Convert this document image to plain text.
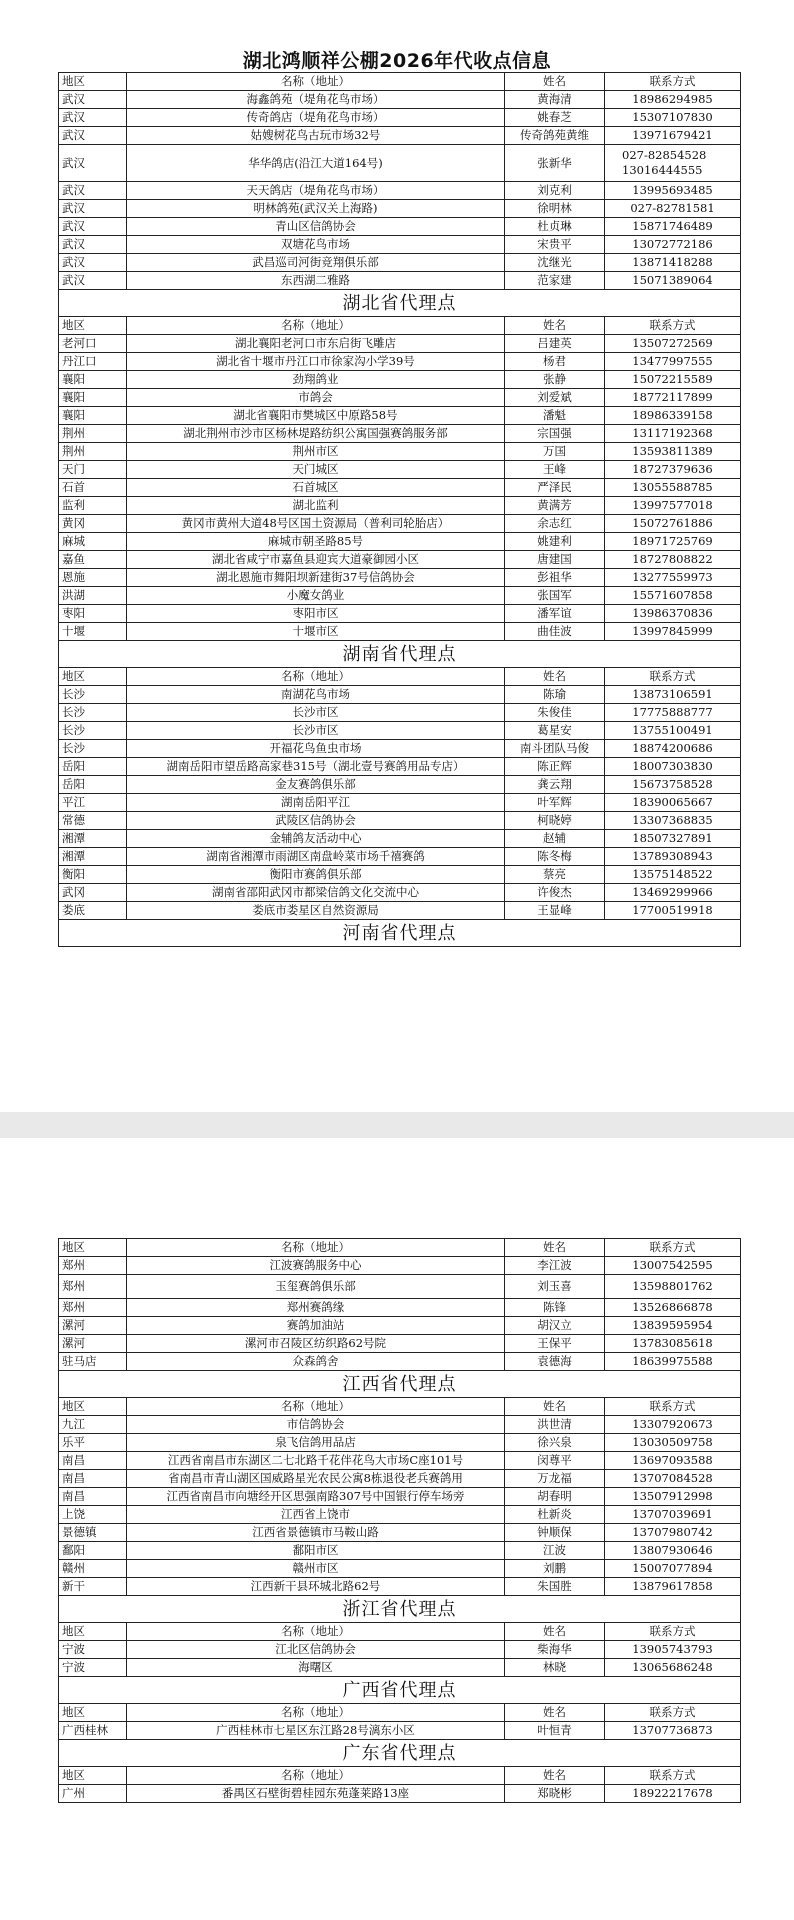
湖北鸿顺祥公棚2026年代收点信息
地区	名称（地址）	姓名	联系方式
武汉	海鑫鸽苑（堤角花鸟市场）	黄海清	18986294985
武汉	传奇鸽店（堤角花鸟市场）	姚春芝	15307107830
武汉	姑嫂树花鸟古玩市场32号	传奇鸽苑黄维	13971679421
武汉	华华鸽店(沿江大道164号)	张新华	027-82854528
13016444555

武汉	天天鸽店（堤角花鸟市场）	刘克利	13995693485
武汉	明林鸽苑(武汉关上海路)	徐明林	027-82781581
武汉	青山区信鸽协会	杜贞琳	15871746489
武汉	双塘花鸟市场	宋贵平	13072772186
武汉	武昌巡司河街竞翔俱乐部	沈继光	13871418288
武汉	东西湖二雅路	范家建	15071389064
湖北省代理点			
地区	名称（地址）	姓名	联系方式
老河口	湖北襄阳老河口市东启街飞雕店	吕建英	13507272569
丹江口	湖北省十堰市丹江口市徐家沟小学39号	杨君	13477997555
襄阳	劲翔鸽业	张静	15072215589
襄阳	市鸽会	刘爱斌	18772117899
襄阳	湖北省襄阳市樊城区中原路58号	潘魁	18986339158
荆州	湖北荆州市沙市区杨林堤路纺织公寓国强赛鸽服务部	宗国强	13117192368
荆州	荆州市区	万国	13593811389
天门	天门城区	王峰	18727379636
石首	石首城区	严泽民	13055588785
监利	湖北监利	黄满芳	13997577018
黄冈	黄冈市黄州大道48号区国土资源局（普利司轮胎店）	余志红	15072761886
麻城	麻城市朝圣路85号	姚建利	18971725769
嘉鱼	湖北省咸宁市嘉鱼县迎宾大道豪御园小区	唐建国	18727808822
恩施	湖北恩施市舞阳坝新建街37号信鸽协会	彭祖华	13277559973
洪湖	小魔女鸽业	张国军	15571607858
枣阳	枣阳市区	潘军谊	13986370836
十堰	十堰市区	曲佳波	13997845999
湖南省代理点			
地区	名称（地址）	姓名	联系方式
长沙	南湖花鸟市场	陈瑜	13873106591
长沙	长沙市区	朱俊佳	17775888777
长沙	长沙市区	葛星安	13755100491
长沙	开福花鸟鱼虫市场	南斗团队马俊	18874200686
岳阳	湖南岳阳市望岳路高家巷315号（湖北壹号赛鸽用品专店）	陈正辉	18007303830
岳阳	金友赛鸽俱乐部	龚云翔	15673758528
平江	湖南岳阳平江	叶军辉	18390065667
常德	武陵区信鸽协会	柯晓婷	13307368835
湘潭	金辅鸽友活动中心	赵辅	18507327891
湘潭	湖南省湘潭市雨湖区南盘岭菜市场千禧赛鸽	陈冬梅	13789308943
衡阳	衡阳市赛鸽俱乐部	蔡亮	13575148522
武冈	湖南省邵阳武冈市都梁信鸽文化交流中心	许俊杰	13469299966
娄底	娄底市娄星区自然资源局	王显峰	17700519918
河南省代理点			
地区	名称（地址）	姓名	联系方式
郑州	江波赛鸽服务中心	李江波	13007542595
郑州	玉玺赛鸽俱乐部	刘玉喜	13598801762
郑州	郑州赛鸽缘	陈锋	13526866878
漯河	赛鸽加油站	胡汉立	13839595954
漯河	漯河市召陵区纺织路62号院	王保平	13783085618
驻马店	众森鸽舍	袁德海	18639975588
江西省代理点			
地区	名称（地址）	姓名	联系方式
九江	市信鸽协会	洪世清	13307920673
乐平	泉飞信鸽用品店	徐兴泉	13030509758
南昌	江西省南昌市东湖区二七北路千花伴花鸟大市场C座101号	闵尊平	13697093588
南昌	省南昌市青山湖区国威路星光农民公寓8栋退役老兵赛鸽用	万龙福	13707084528
南昌	江西省南昌市向塘经开区思强南路307号中国银行停车场旁	胡春明	13507912998
上饶	江西省上饶市	杜新炎	13707039691
景德镇	江西省景德镇市马鞍山路	钟顺保	13707980742
鄱阳	鄱阳市区	江波	13807930646
赣州	赣州市区	刘鹏	15007077894
新干	江西新干县环城北路62号	朱国胜	13879617858
浙江省代理点			
地区	名称（地址）	姓名	联系方式
宁波	江北区信鸽协会	柴海华	13905743793
宁波	海曙区	林晓	13065686248
广西省代理点			
地区	名称（地址）	姓名	联系方式
广西桂林	广西桂林市七星区东江路28号漓东小区	叶恒青	13707736873
广东省代理点			
地区	名称（地址）	姓名	联系方式
广州	番禺区石壁街碧桂园东苑蓬莱路13座	郑晓彬	18922217678
